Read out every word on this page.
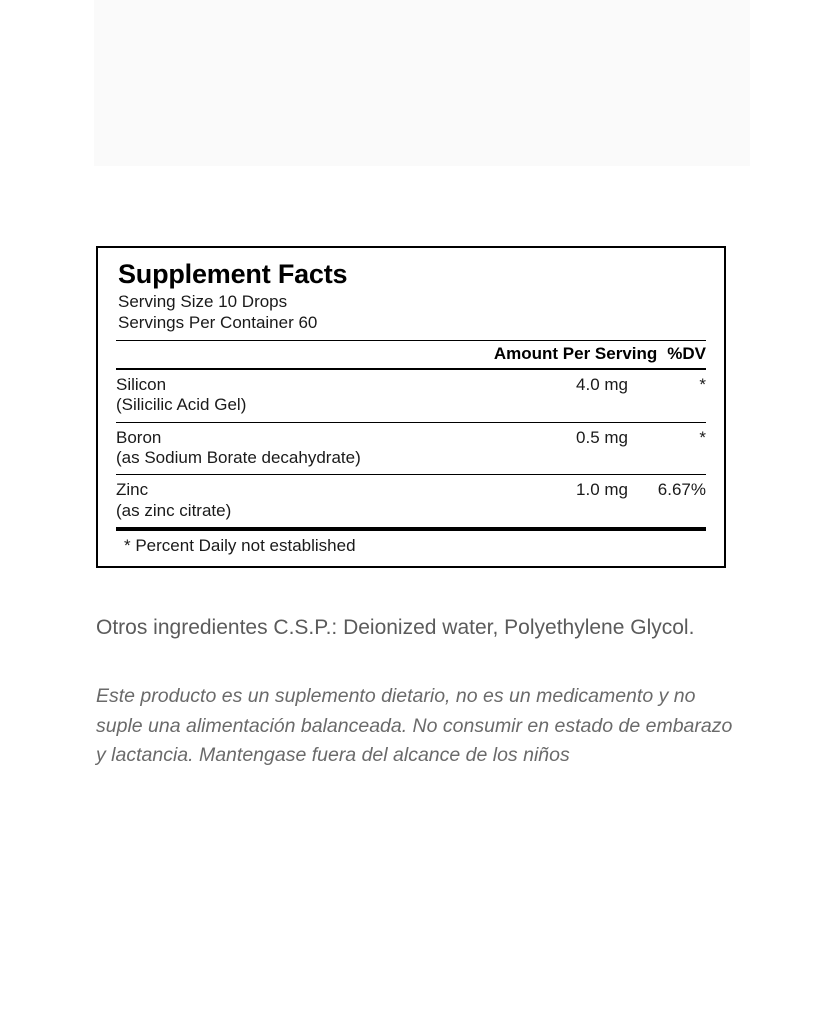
Supplement Facts
Serving Size 10 Drops
Servings Per Container 60
Amount Per Serving %DV
Silicon
(Silicilic Acid Gel)	4.0 mg	*
Boron
(as Sodium Borate decahydrate)	0.5 mg	*
Zinc
(as zinc citrate)	1.0 mg	6.67%
* Percent Daily not established
Otros ingredientes C.S.P.: Deionized water, Polyethylene Glycol.
Este producto es un suplemento dietario, no es un medicamento y no suple una alimentación balanceada. No consumir en estado de embarazo y lactancia. Mantengase fuera del alcance de los niños
